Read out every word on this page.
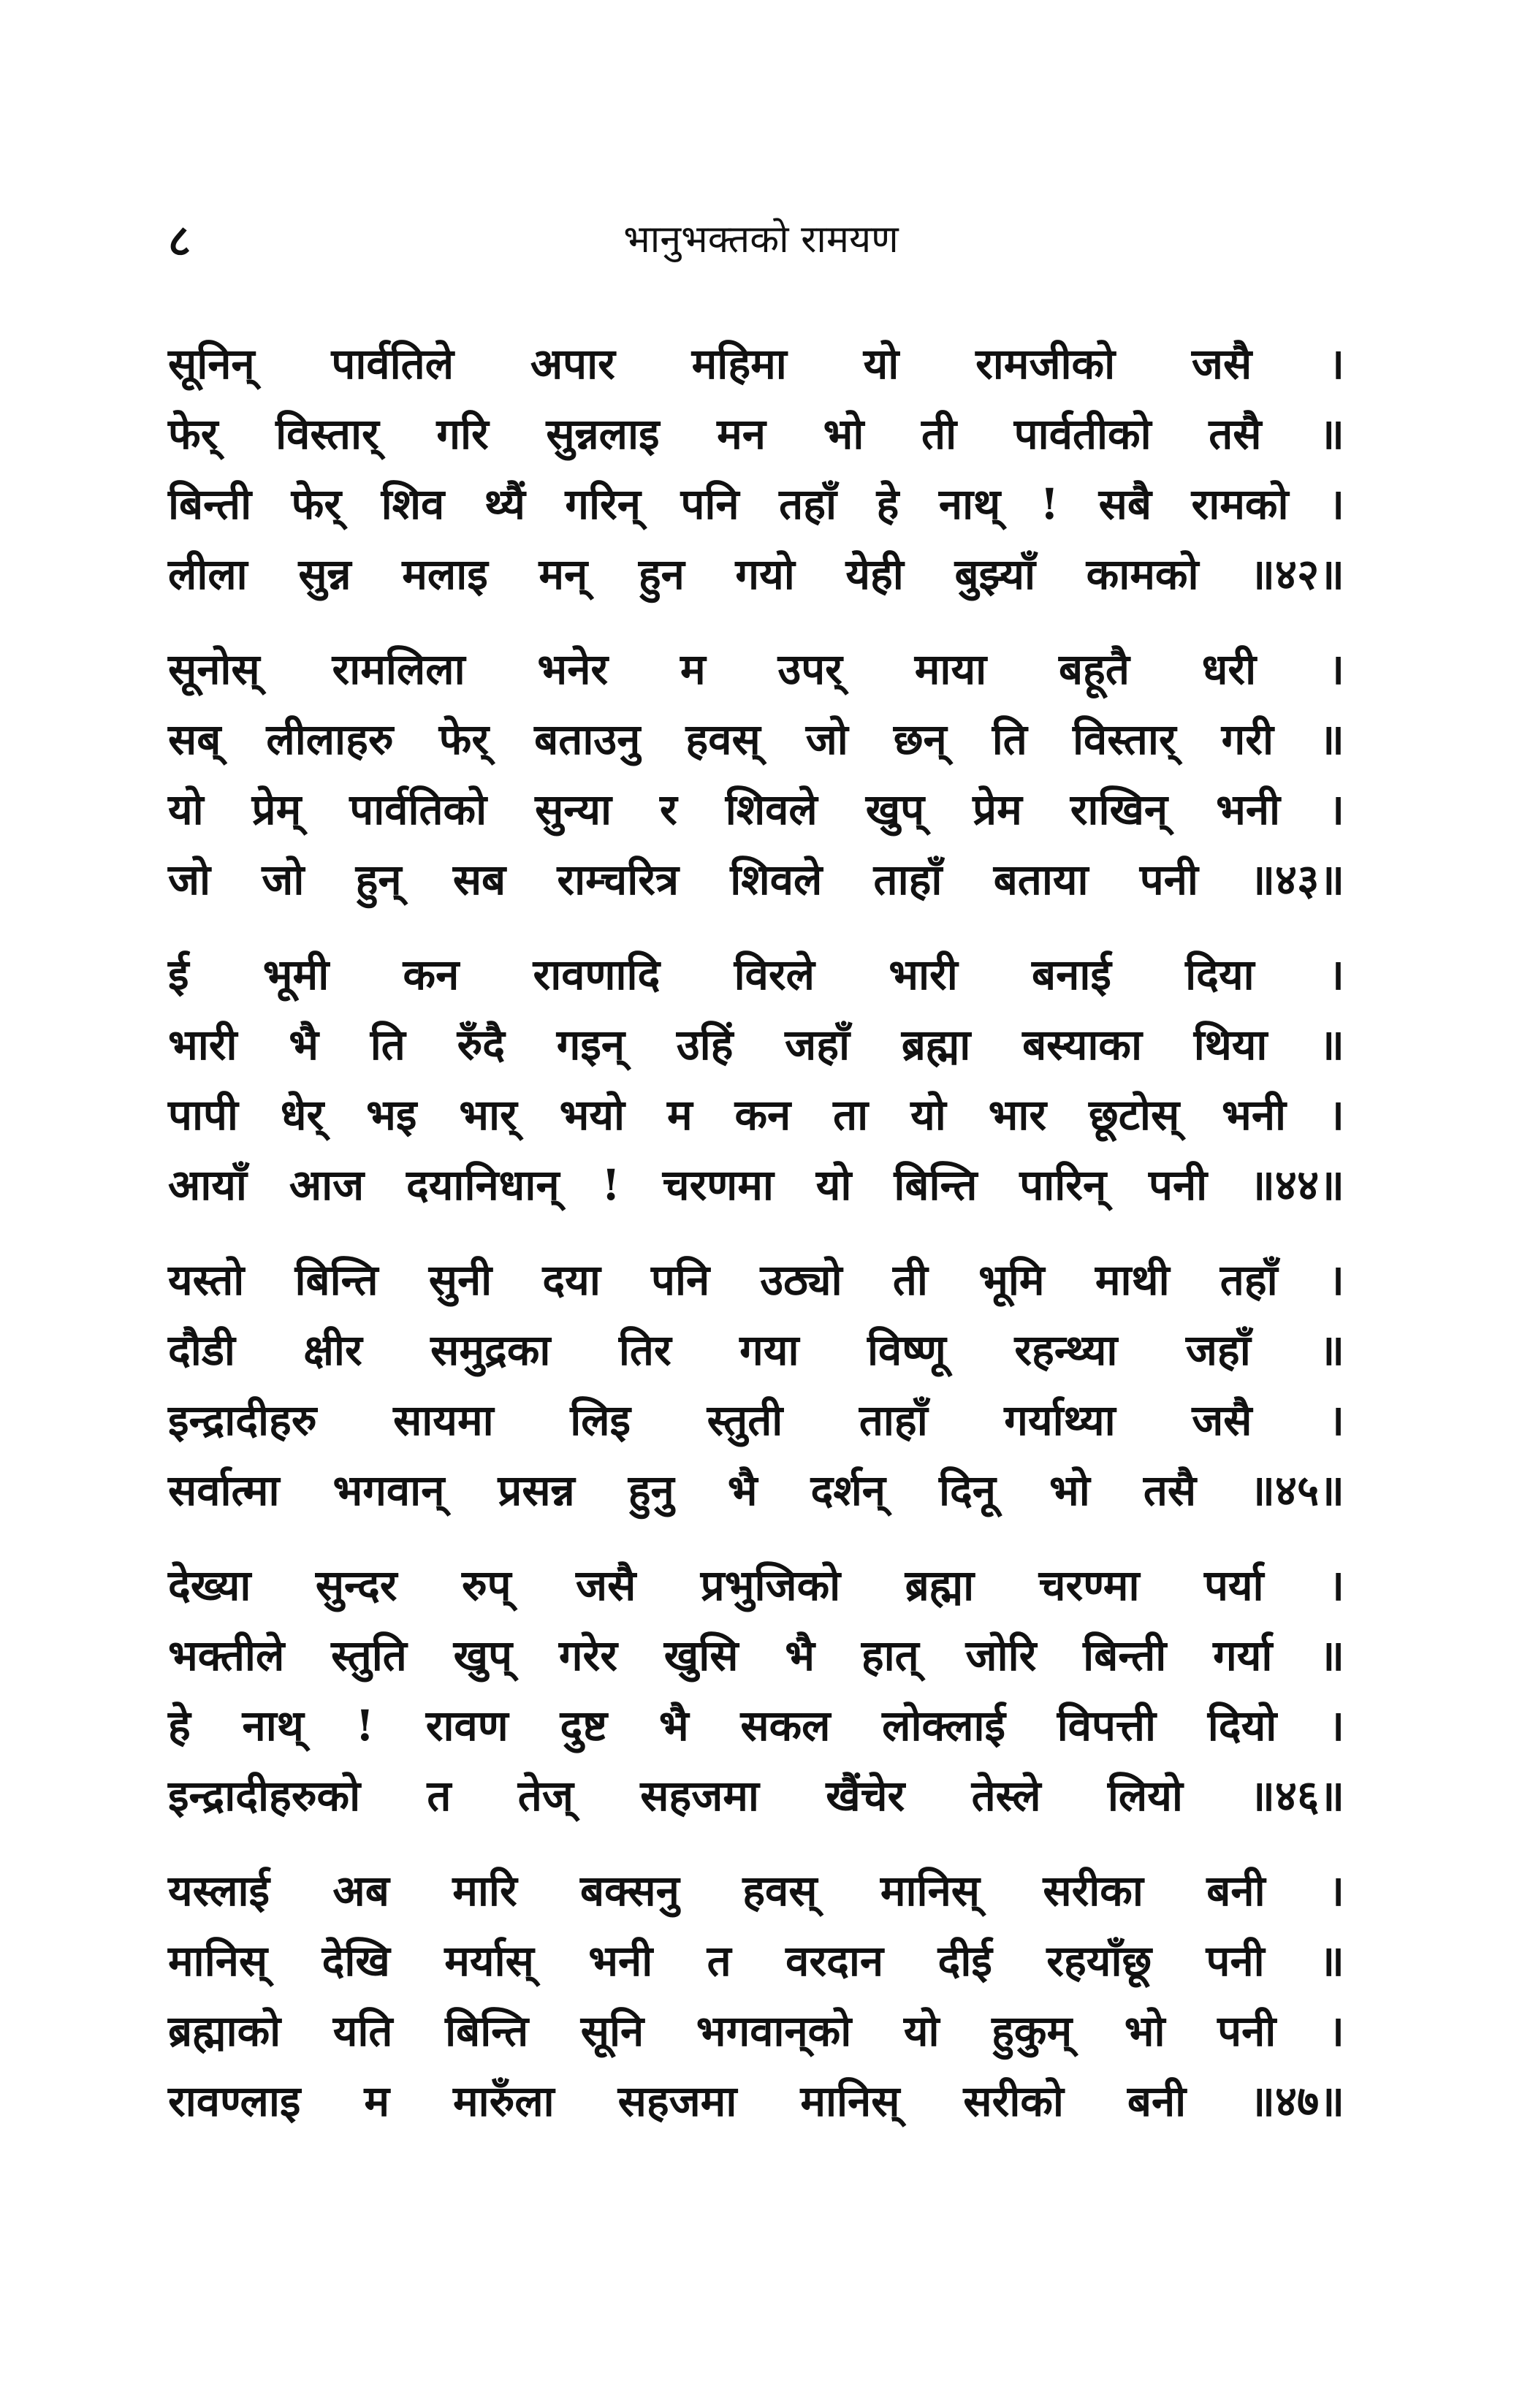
८	भानुभक्तको रामयण
सूनिन् पार्वतिले अपार महिमा यो रामजीको जसै ।
फेर् विस्तार् गरि सुन्नलाइ मन भो ती पार्वतीको तसै ॥
बिन्ती फेर् शिव थ्यैं गरिन् पनि तहाँ हे नाथ् ! सबै रामको ।
लीला सुन्न मलाइ मन् हुन गयो येही बुझ्याँ कामको ॥४२॥
सूनोस् रामलिला भनेर म उपर् माया बहूतै धरी ।
सब् लीलाहरु फेर् बताउनु हवस् जो छन् ति विस्तार् गरी ॥
यो प्रेम् पार्वतिको सुन्या र शिवले खुप् प्रेम राखिन् भनी ।
जो जो हुन् सब राम्चरित्र शिवले ताहाँ बताया पनी ॥४३॥
ई भूमी कन रावणादि विरले भारी बनाई दिया ।
भारी भै ति रुँदै गइन् उहिं जहाँ ब्रह्मा बस्याका थिया ॥
पापी धेर् भइ भार् भयो म कन ता यो भार छूटोस् भनी ।
आयाँ आज दयानिधान् ! चरणमा यो बिन्ति पारिन् पनी ॥४४॥
यस्तो बिन्ति सुनी दया पनि उठ्यो ती भूमि माथी तहाँ ।
दौडी क्षीर समुद्रका तिर गया विष्णू रहन्थ्या जहाँ ॥
इन्द्रादीहरु सायमा लिइ स्तुती ताहाँ गर्याथ्या जसै ।
सर्वात्मा भगवान् प्रसन्न हुनु भै दर्शन् दिनू भो तसै ॥४५॥
देख्या सुन्दर रुप् जसै प्रभुजिको ब्रह्मा चरण्मा पर्या ।
भक्तीले स्तुति खुप् गरेर खुसि भै हात् जोरि बिन्ती गर्या ॥
हे नाथ् ! रावण दुष्ट भै सकल लोक्लाई विपत्ती दियो ।
इन्द्रादीहरुको त तेज् सहजमा खैंचेर तेस्ले लियो ॥४६॥
यस्लाई अब मारि बक्सनु हवस् मानिस् सरीका बनी ।
मानिस् देखि मर्यास् भनी त वरदान दीई रहयाँछू पनी ॥
ब्रह्माको यति बिन्ति सूनि भगवान्‌को यो हुकुम् भो पनी ।
रावण्लाइ म मारुँला सहजमा मानिस् सरीको बनी ॥४७॥
